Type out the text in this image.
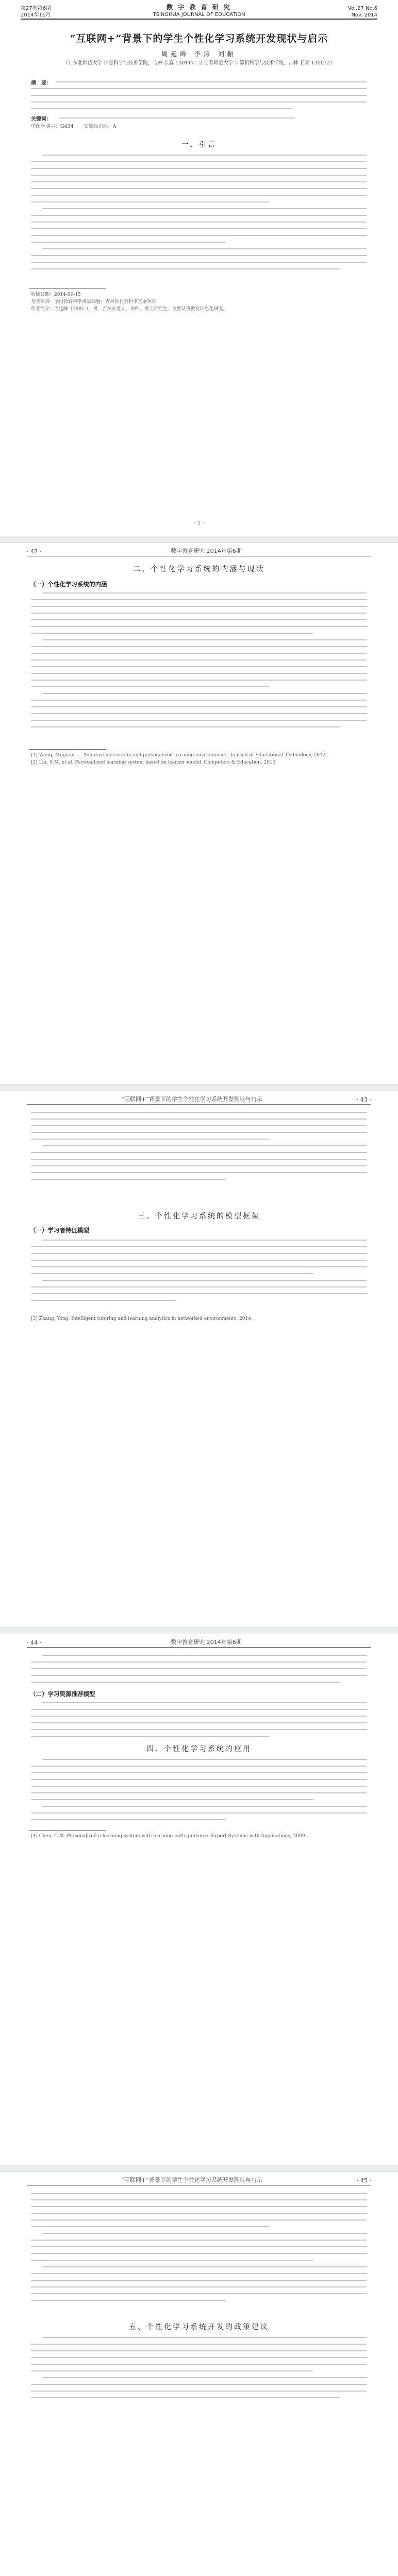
第27卷第6期
2014年11月
数 字 教 育 研 究
TSINGHUA JOURNAL OF EDUCATION
Vol.27 No.6
Nov. 2014
“互联网+”背景下的学生个性化学习系统开发现状与启示
周延峰 李涛 刘振
（1.东北师范大学 信息科学与技术学院，吉林 长春 130117；2.长春师范大学 计算机科学与技术学院，吉林 长春 130032）
摘　要：
关键词：
中图分类号：G434　　文献标识码：A
一、引言
收稿日期：2014-09-15
基金项目：全国教育科学规划课题；吉林省社会科学基金项目
作者简介：周延峰（1981-），男，吉林长春人，讲师，博士研究生，主要从事教育信息化研究。
· 1 ·
· 42 ·	数字教育研究 2014年第6期
二、个性化学习系统的内涵与现状
（一）个性化学习系统的内涵
[1] Wang, Minjuan, ... Adaptive instruction and personalized learning environments. Journal of Educational Technology, 2012.
[2] Liu, S.M. et al. Personalized learning system based on learner model. Computers & Education, 2013.
“互联网+”背景下的学生个性化学习系统开发现状与启示	· 43 ·
三、个性化学习系统的模型框架
（一）学习者特征模型
[3] Zhang, Yong. Intelligent tutoring and learning analytics in networked environments. 2014.
· 44 ·	数字教育研究 2014年第6期
（二）学习资源推荐模型
四、个性化学习系统的应用
[4] Chen, C.M. Personalized e-learning system with learning path guidance. Expert Systems with Applications, 2009.
“互联网+”背景下的学生个性化学习系统开发现状与启示	· 45 ·
五、个性化学习系统开发的政策建议
